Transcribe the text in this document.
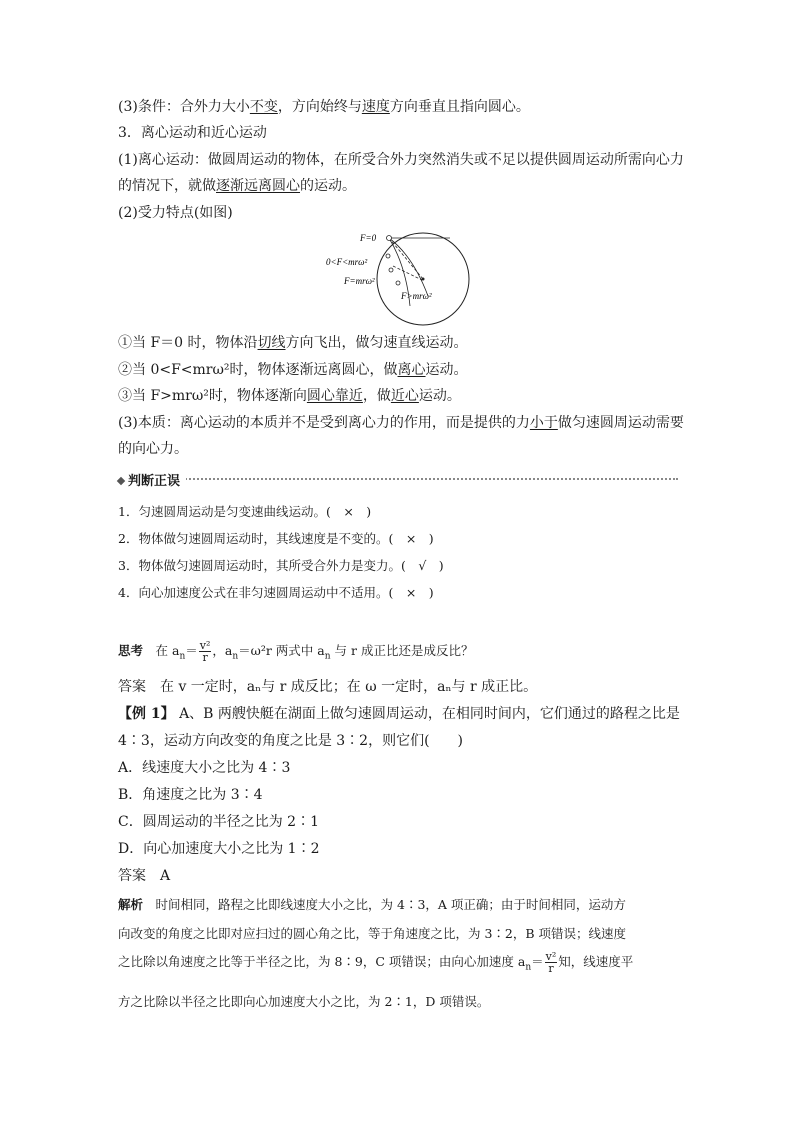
(3)条件：合外力大小不变，方向始终与速度方向垂直且指向圆心。
3．离心运动和近心运动
(1)离心运动：做圆周运动的物体，在所受合外力突然消失或不足以提供圆周运动所需向心力
的情况下，就做逐渐远离圆心的运动。
(2)受力特点(如图)
F=0
0<F<mrω²
F=mrω²
F>mrω²
①当 F＝0 时，物体沿切线方向飞出，做匀速直线运动。
②当 0<F<mrω²时，物体逐渐远离圆心，做离心运动。
③当 F>mrω²时，物体逐渐向圆心靠近，做近心运动。
(3)本质：离心运动的本质并不是受到离心力的作用，而是提供的力小于做匀速圆周运动需要
的向心力。
判断正误
1．匀速圆周运动是匀变速曲线运动。(　×　)
2．物体做匀速圆周运动时，其线速度是不变的。(　×　)
3．物体做匀速圆周运动时，其所受合外力是变力。(　√　)
4．向心加速度公式在非匀速圆周运动中不适用。(　×　)
思考　 在 $a_n= \frac{\text{v²}}{r}$ ，$a_n=\omega^2r$ 两式中 $a_n$ 与 r 成正比还是成反比？
答案　在 v 一定时，aₙ与 r 成反比；在 ω 一定时，aₙ与 r 成正比。
【例 1】 A、B 两艘快艇在湖面上做匀速圆周运动，在相同时间内，它们通过的路程之比是
4∶3，运动方向改变的角度之比是 3∶2，则它们(　　)
A．线速度大小之比为 4∶3
B．角速度之比为 3∶4
C．圆周运动的半径之比为 2∶1
D．向心加速度大小之比为 1∶2
答案　A
解析　时间相同，路程之比即线速度大小之比，为 4∶3，A 项正确；由于时间相同，运动方
向改变的角度之比即对应扫过的圆心角之比，等于角速度之比，为 3∶2，B 项错误；线速度
之比除以角速度之比等于半径之比，为 8∶9，C 项错误；由向心加速度 $a_n= \frac{\text{v²}}{r}$ 知，线速度平
方之比除以半径之比即向心加速度大小之比，为 2∶1，D 项错误。
